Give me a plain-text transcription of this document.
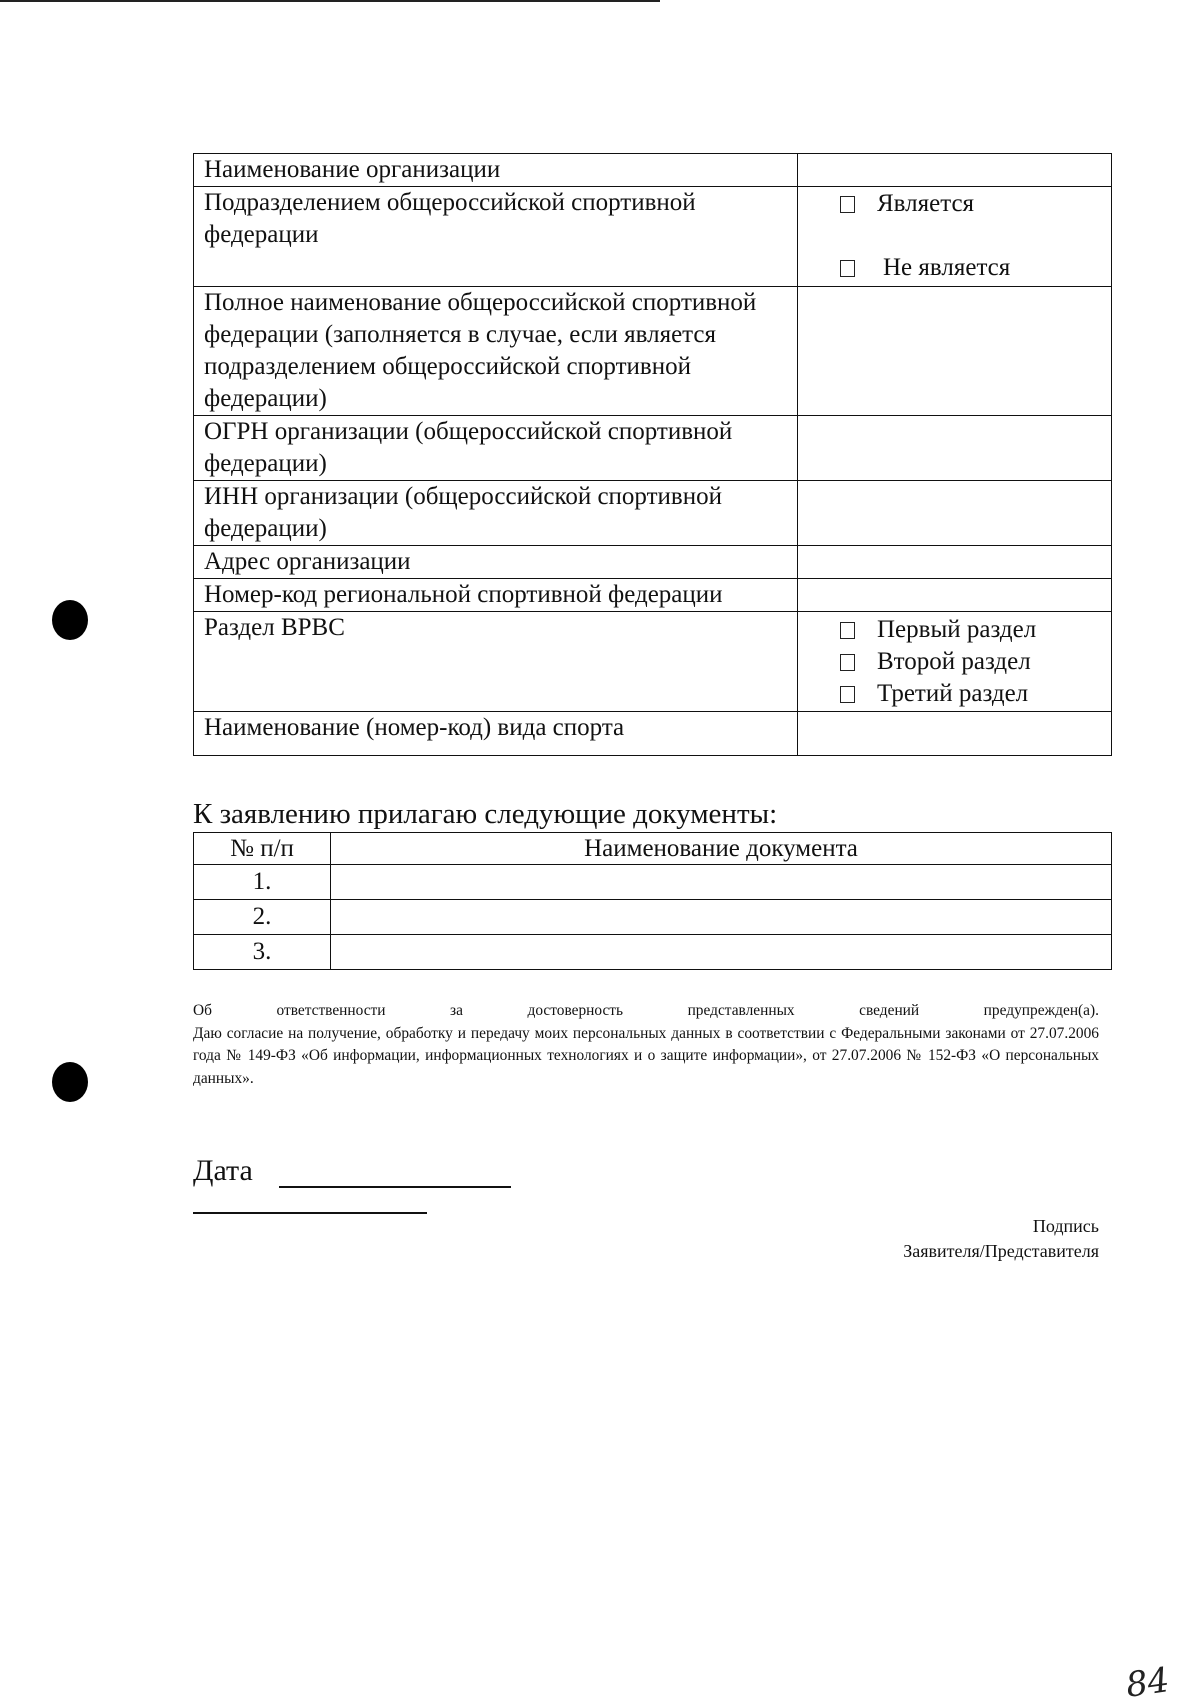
Наименование организации	
Подразделением общероссийской спортивной федерации	Является
Не является

Полное наименование общероссийской спортивной федерации (заполняется в случае, если является подразделением общероссийской спортивной федерации)	
ОГРН организации (общероссийской спортивной федерации)	
ИНН организации (общероссийской спортивной федерации)	
Адрес организации	
Номер-код региональной спортивной федерации	
Раздел ВРВС	Первый раздел
Второй раздел
Третий раздел

Наименование (номер-код) вида спорта	
К заявлению прилагаю следующие документы:
№ п/п	Наименование документа
1.	
2.	
3.	
Об ответственности за достоверность представленных сведений предупрежден(а).
Даю согласие на получение, обработку и передачу моих персональных данных в соответствии с Федеральными законами от 27.07.2006 года № 149-ФЗ «Об информации, информационных технологиях и о защите информации», от 27.07.2006 № 152-ФЗ «О персональных данных».
Дата
Подпись
Заявителя/Представителя
84
